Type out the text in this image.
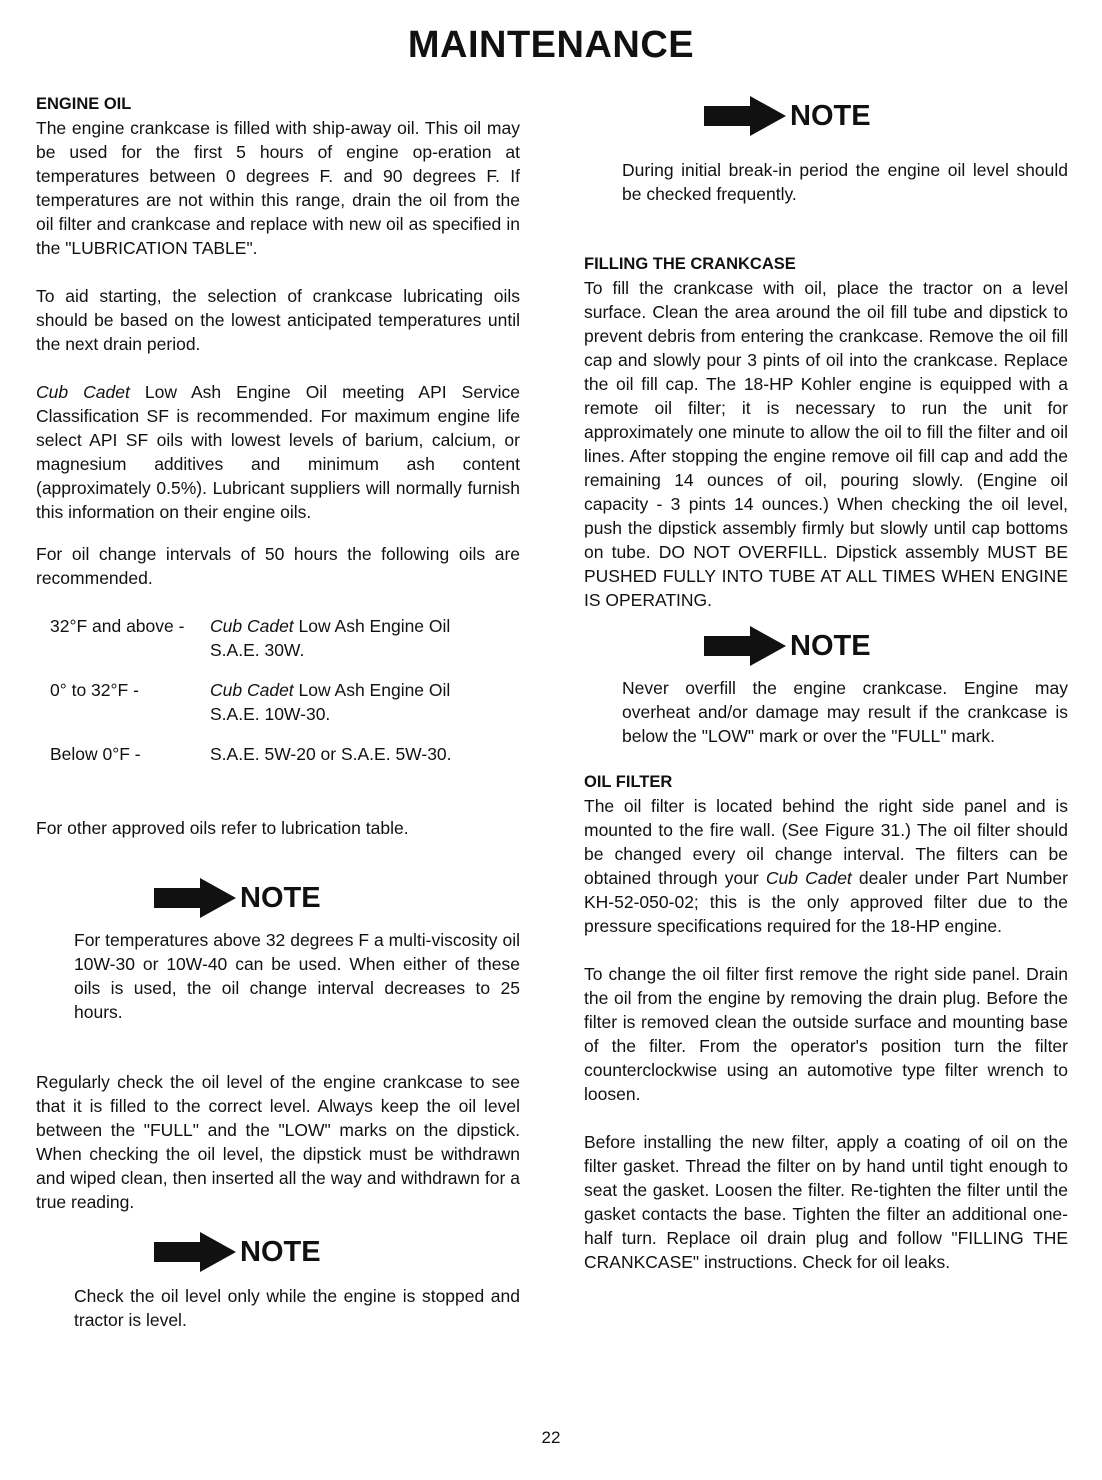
MAINTENANCE
ENGINE OIL

The engine crankcase is filled with ship-away oil. This oil may be used for the first 5 hours of engine op-eration at temperatures between 0 degrees F. and 90 degrees F. If temperatures are not within this range, drain the oil from the oil filter and crankcase and replace with new oil as specified in the "LUBRICATION TABLE".

To aid starting, the selection of crankcase lubricating oils should be based on the lowest anticipated temperatures until the next drain period.

Cub Cadet Low Ash Engine Oil meeting API Service Classification SF is recommended. For maximum engine life select API SF oils with lowest levels of barium, calcium, or magnesium additives and minimum ash content (approximately 0.5%). Lubricant suppliers will normally furnish this information on their engine oils.

For oil change intervals of 50 hours the following oils are recommended.

32°F and above -	Cub Cadet Low Ash Engine Oil
S.A.E. 30W.
0° to 32°F -	Cub Cadet Low Ash Engine Oil
S.A.E. 10W-30.
Below 0°F -	S.A.E. 5W-20 or S.A.E. 5W-30.

For other approved oils refer to lubrication table.

NOTE

For temperatures above 32 degrees F a multi-viscosity oil 10W-30 or 10W-40 can be used. When either of these oils is used, the oil change interval decreases to 25 hours.

Regularly check the oil level of the engine crankcase to see that it is filled to the correct level. Always keep the oil level between the "FULL" and the "LOW" marks on the dipstick. When checking the oil level, the dipstick must be withdrawn and wiped clean, then inserted all the way and withdrawn for a true reading.

NOTE

Check the oil level only while the engine is stopped and tractor is level.

NOTE

During initial break-in period the engine oil level should be checked frequently.

FILLING THE CRANKCASE

To fill the crankcase with oil, place the tractor on a level surface. Clean the area around the oil fill tube and dipstick to prevent debris from entering the crankcase. Remove the oil fill cap and slowly pour 3 pints of oil into the crankcase. Replace the oil fill cap. The 18-HP Kohler engine is equipped with a remote oil filter; it is necessary to run the unit for approximately one minute to allow the oil to fill the filter and oil lines. After stopping the engine remove oil fill cap and add the remaining 14 ounces of oil, pouring slowly. (Engine oil capacity - 3 pints 14 ounces.) When checking the oil level, push the dipstick assembly firmly but slowly until cap bottoms on tube. DO NOT OVERFILL. Dipstick assembly MUST BE PUSHED FULLY INTO TUBE AT ALL TIMES WHEN ENGINE IS OPERATING.

NOTE

Never overfill the engine crankcase. Engine may overheat and/or damage may result if the crankcase is below the "LOW" mark or over the "FULL" mark.

OIL FILTER

The oil filter is located behind the right side panel and is mounted to the fire wall. (See Figure 31.) The oil filter should be changed every oil change interval. The filters can be obtained through your Cub Cadet dealer under Part Number KH-52-050-02; this is the only approved filter due to the pressure specifications required for the 18-HP engine.

To change the oil filter first remove the right side panel. Drain the oil from the engine by removing the drain plug. Before the filter is removed clean the outside surface and mounting base of the filter. From the operator's position turn the filter counterclockwise using an automotive type filter wrench to loosen.

Before installing the new filter, apply a coating of oil on the filter gasket. Thread the filter on by hand until tight enough to seat the gasket. Loosen the filter. Re-tighten the filter until the gasket contacts the base. Tighten the filter an additional one-half turn. Replace oil drain plug and follow "FILLING THE CRANKCASE" instructions. Check for oil leaks.

22
